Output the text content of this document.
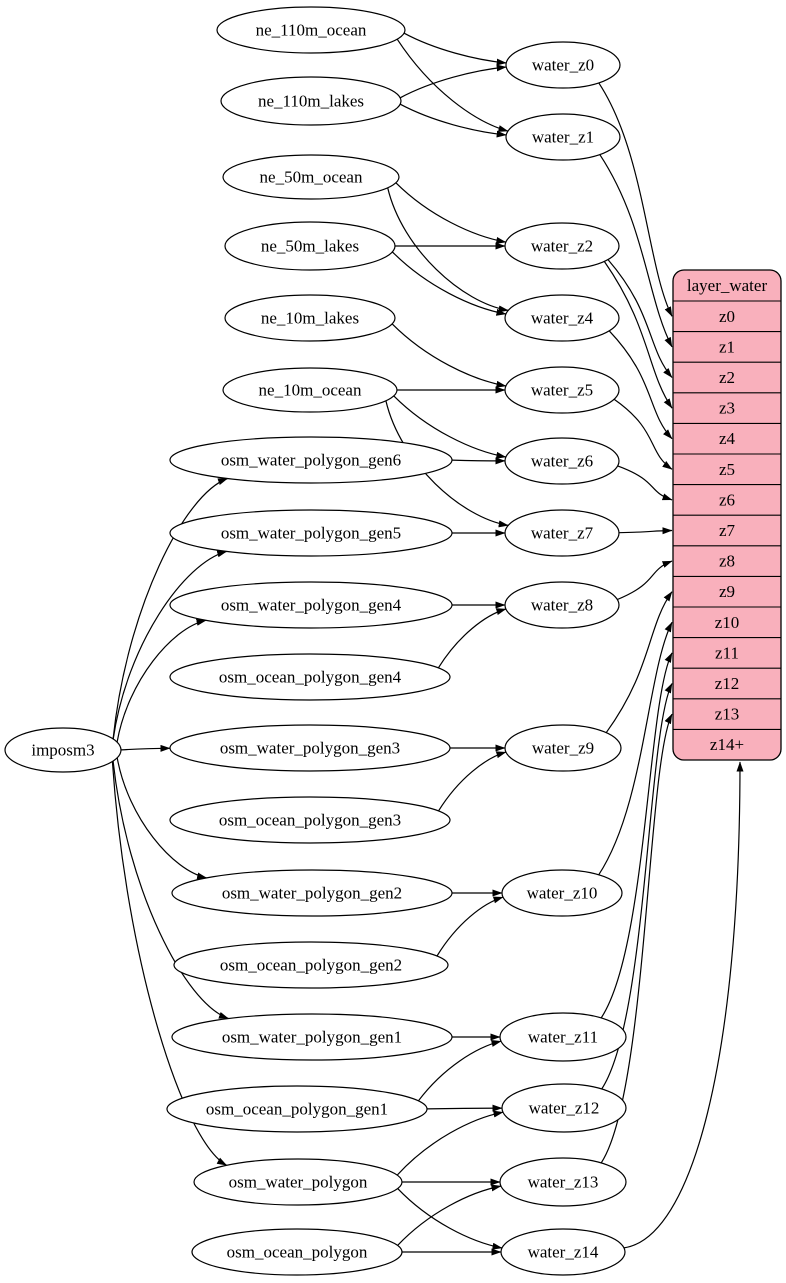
layer_water
z0
z1
z2
z3
z4
z5
z6
z7
z8
z9
z10
z11
z12
z13
z14+
ne_110m_ocean
ne_110m_lakes
ne_50m_ocean
ne_50m_lakes
ne_10m_lakes
ne_10m_ocean
osm_water_polygon_gen6
osm_water_polygon_gen5
osm_water_polygon_gen4
osm_ocean_polygon_gen4
osm_water_polygon_gen3
osm_ocean_polygon_gen3
osm_water_polygon_gen2
osm_ocean_polygon_gen2
osm_water_polygon_gen1
osm_ocean_polygon_gen1
osm_water_polygon
osm_ocean_polygon
imposm3
water_z0
water_z1
water_z2
water_z4
water_z5
water_z6
water_z7
water_z8
water_z9
water_z10
water_z11
water_z12
water_z13
water_z14
